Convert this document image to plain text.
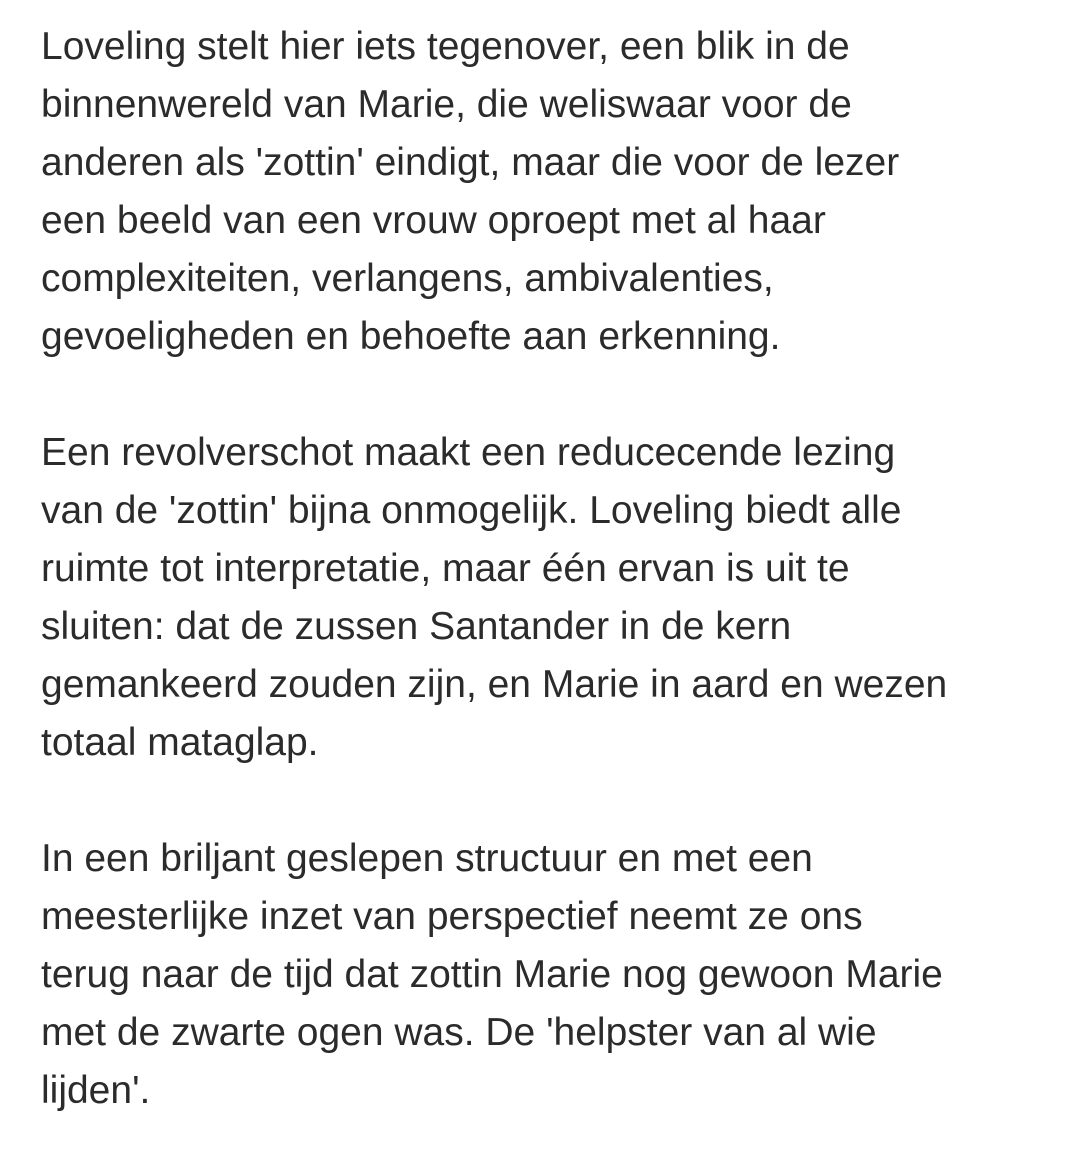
Loveling stelt hier iets tegenover, een blik in de
binnenwereld van Marie, die weliswaar voor de
anderen als 'zottin' eindigt, maar die voor de lezer
een beeld van een vrouw oproept met al haar
complexiteiten, verlangens, ambivalenties,
gevoeligheden en behoefte aan erkenning.

Een revolverschot maakt een reducecende lezing
van de 'zottin' bijna onmogelijk. Loveling biedt alle
ruimte tot interpretatie, maar één ervan is uit te
sluiten: dat de zussen Santander in de kern
gemankeerd zouden zijn, en Marie in aard en wezen
totaal mataglap.

In een briljant geslepen structuur en met een
meesterlijke inzet van perspectief neemt ze ons
terug naar de tijd dat zottin Marie nog gewoon Marie
met de zwarte ogen was. De 'helpster van al wie
lijden'.
